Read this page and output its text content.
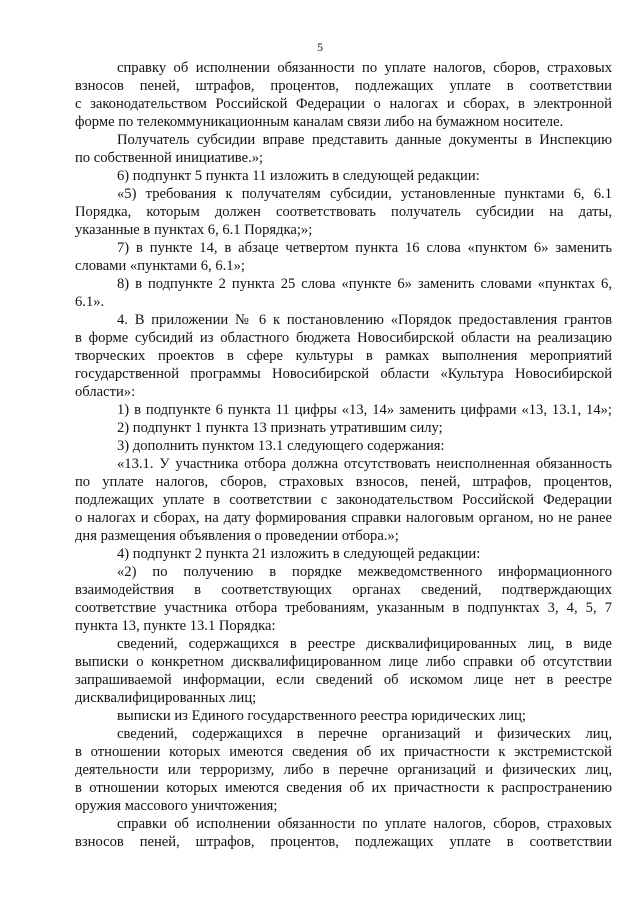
5
справку об исполнении обязанности по уплате налогов, сборов, страховых
взносов пеней, штрафов, процентов, подлежащих уплате в соответствии
с законодательством Российской Федерации о налогах и сборах, в электронной
форме по телекоммуникационным каналам связи либо на бумажном носителе.
Получатель субсидии вправе представить данные документы в Инспекцию
по собственной инициативе.»;
6) подпункт 5 пункта 11 изложить в следующей редакции:
«5) требования к получателям субсидии, установленные пунктами 6, 6.1
Порядка, которым должен соответствовать получатель субсидии на даты,
указанные в пунктах 6, 6.1 Порядка;»;
7) в пункте 14, в абзаце четвертом пункта 16 слова «пунктом 6» заменить
словами «пунктами 6, 6.1»;
8) в подпункте 2 пункта 25 слова «пункте 6» заменить словами «пунктах 6,
6.1».
4. В приложении № 6 к постановлению «Порядок предоставления грантов
в форме субсидий из областного бюджета Новосибирской области на реализацию
творческих проектов в сфере культуры в рамках выполнения мероприятий
государственной программы Новосибирской области «Культура Новосибирской
области»:
1) в подпункте 6 пункта 11 цифры «13, 14» заменить цифрами «13, 13.1, 14»;
2) подпункт 1 пункта 13 признать утратившим силу;
3) дополнить пунктом 13.1 следующего содержания:
«13.1. У участника отбора должна отсутствовать неисполненная обязанность
по уплате налогов, сборов, страховых взносов, пеней, штрафов, процентов,
подлежащих уплате в соответствии с законодательством Российской Федерации
о налогах и сборах, на дату формирования справки налоговым органом, но не ранее
дня размещения объявления о проведении отбора.»;
4) подпункт 2 пункта 21 изложить в следующей редакции:
«2) по получению в порядке межведомственного информационного
взаимодействия в соответствующих органах сведений, подтверждающих
соответствие участника отбора требованиям, указанным в подпунктах 3, 4, 5, 7
пункта 13, пункте 13.1 Порядка:
сведений, содержащихся в реестре дисквалифицированных лиц, в виде
выписки о конкретном дисквалифицированном лице либо справки об отсутствии
запрашиваемой информации, если сведений об искомом лице нет в реестре
дисквалифицированных лиц;
выписки из Единого государственного реестра юридических лиц;
сведений, содержащихся в перечне организаций и физических лиц,
в отношении которых имеются сведения об их причастности к экстремистской
деятельности или терроризму, либо в перечне организаций и физических лиц,
в отношении которых имеются сведения об их причастности к распространению
оружия массового уничтожения;
справки об исполнении обязанности по уплате налогов, сборов, страховых
взносов пеней, штрафов, процентов, подлежащих уплате в соответствии
